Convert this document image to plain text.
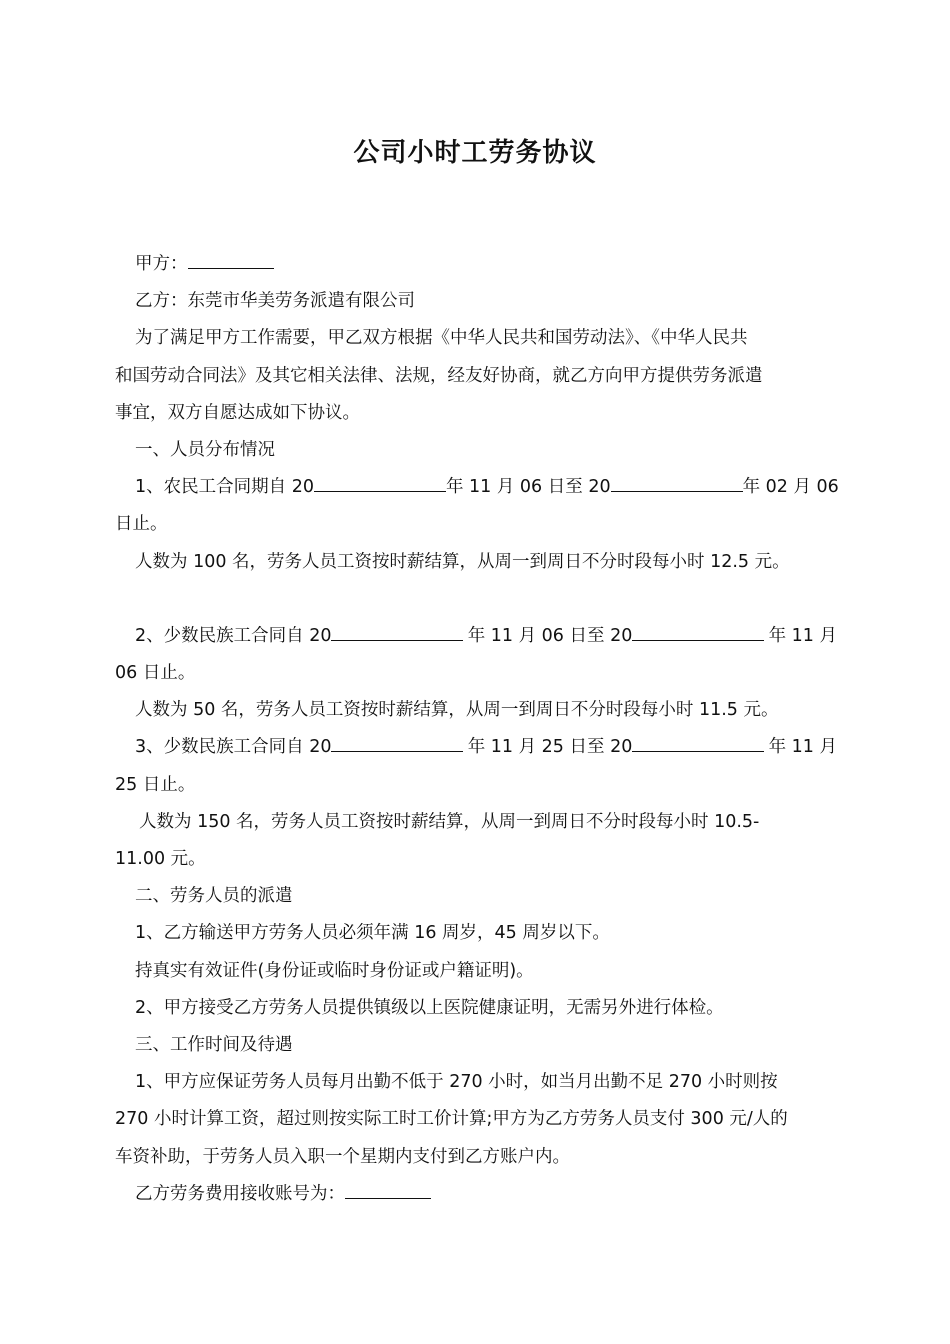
公司小时工劳务协议
甲方：
乙方：东莞市华美劳务派遣有限公司
为了满足甲方工作需要，甲乙双方根据《中华人民共和国劳动法》、《中华人民共
和国劳动合同法》及其它相关法律、法规，经友好协商，就乙方向甲方提供劳务派遣
事宜，双方自愿达成如下协议。
一、人员分布情况
1、农民工合同期自 20	年 11 月 06 日至 20	年 02 月 06
日止。
人数为 100 名，劳务人员工资按时薪结算，从周一到周日不分时段每小时 12.5 元。
2、少数民族工合同自 20	年 11 月 06 日至 20	年 11 月
06 日止。
人数为 50 名，劳务人员工资按时薪结算，从周一到周日不分时段每小时 11.5 元。
3、少数民族工合同自 20	年 11 月 25 日至 20	年 11 月
25 日止。
人数为 150 名，劳务人员工资按时薪结算，从周一到周日不分时段每小时 10.5-
11.00 元。
二、劳务人员的派遣
1、乙方输送甲方劳务人员必须年满 16 周岁，45 周岁以下。
持真实有效证件(身份证或临时身份证或户籍证明)。
2、甲方接受乙方劳务人员提供镇级以上医院健康证明，无需另外进行体检。
三、工作时间及待遇
1、甲方应保证劳务人员每月出勤不低于 270 小时，如当月出勤不足 270 小时则按
270 小时计算工资，超过则按实际工时工价计算;甲方为乙方劳务人员支付 300 元/人的
车资补助，于劳务人员入职一个星期内支付到乙方账户内。
乙方劳务费用接收账号为：
